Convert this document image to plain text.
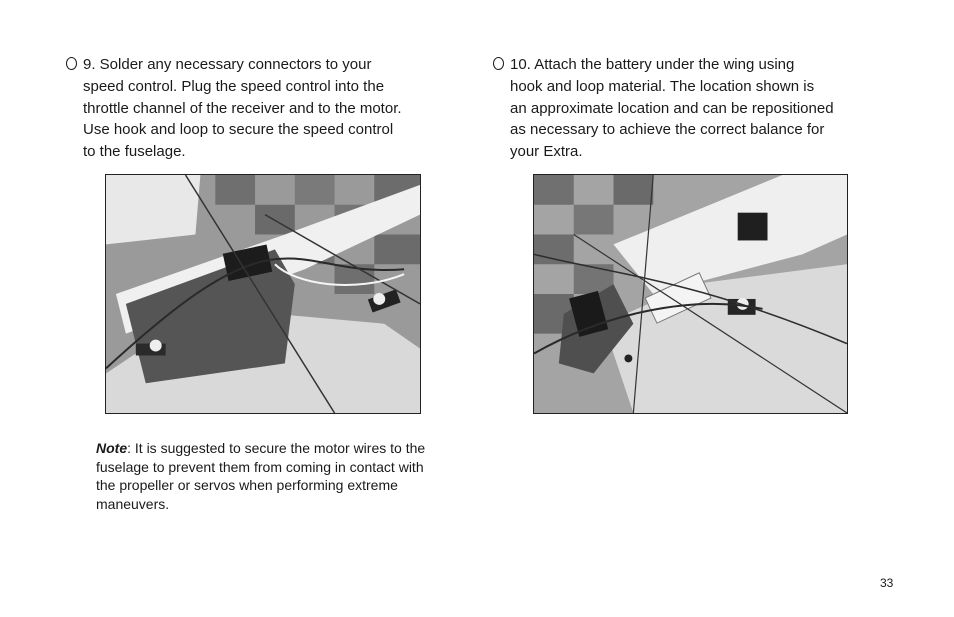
9. Solder any necessary connectors to your
speed control. Plug the speed control into the
throttle channel of the receiver and to the motor.
Use hook and loop to secure the speed control
to the fuselage.
10. Attach the battery under the wing using
hook and loop material. The location shown is
an approximate location and can be repositioned
as necessary to achieve the correct balance for
your Extra.
Note: It is suggested to secure the motor wires to the fuselage to prevent them from coming in contact with the propeller or servos when performing extreme maneuvers.
33
